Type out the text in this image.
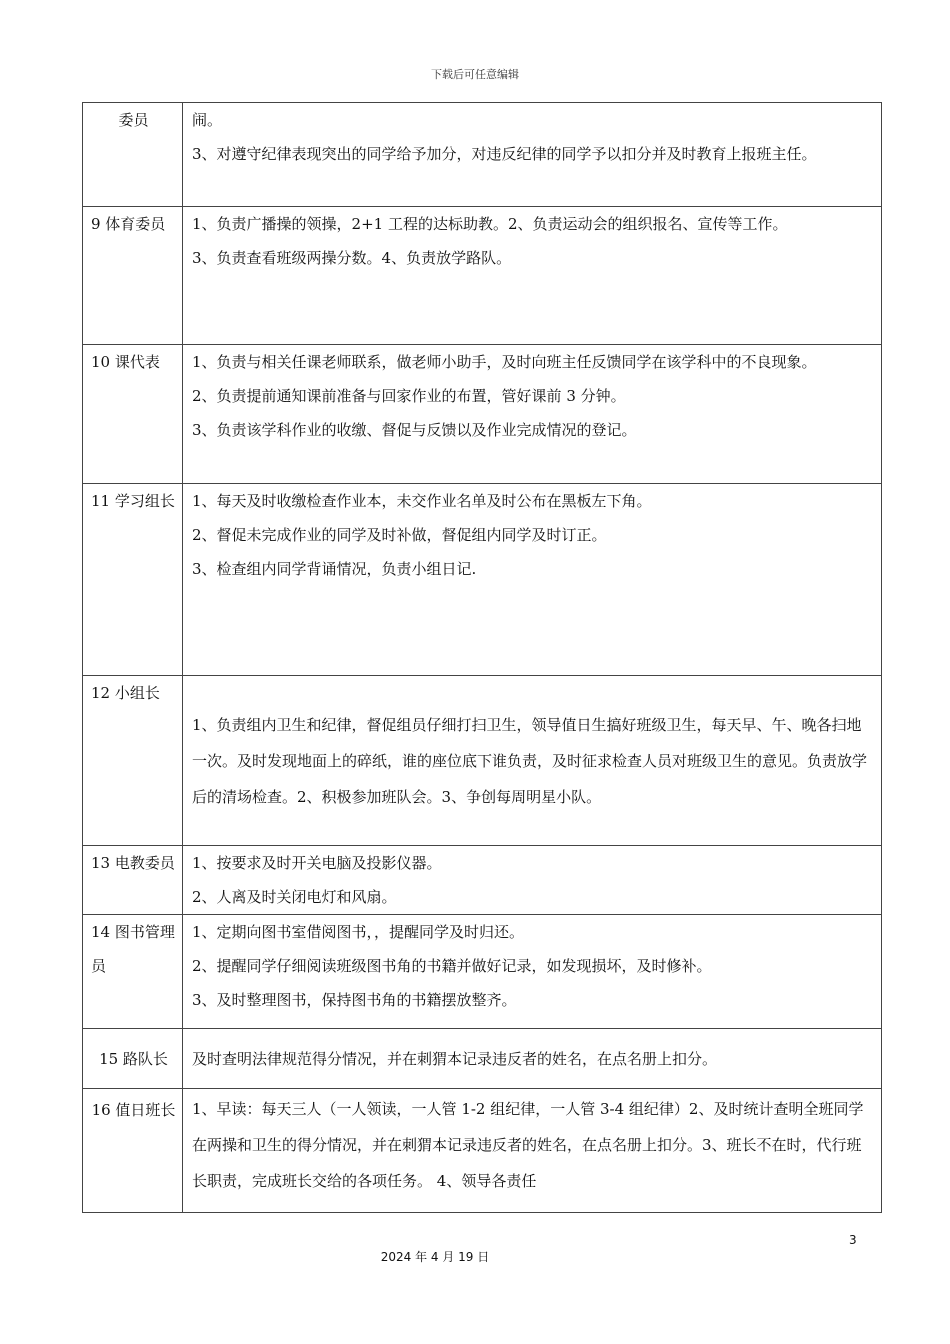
下载后可任意编辑
委员	闹。

3、对遵守纪律表现突出的同学给予加分，对违反纪律的同学予以扣分并及时教育上报班主任。

9 体育委员	1、负责广播操的领操，2+1 工程的达标助教。2、负责运动会的组织报名、宣传等工作。

3、负责查看班级两操分数。4、负责放学路队。

10 课代表	1、负责与相关任课老师联系，做老师小助手，及时向班主任反馈同学在该学科中的不良现象。

2、负责提前通知课前准备与回家作业的布置，管好课前 3 分钟。

3、负责该学科作业的收缴、督促与反馈以及作业完成情况的登记。

11 学习组长	1、每天及时收缴检查作业本，未交作业名单及时公布在黑板左下角。

2、督促未完成作业的同学及时补做，督促组内同学及时订正。

3、检查组内同学背诵情况，负责小组日记.

12 小组长	1、负责组内卫生和纪律，督促组员仔细打扫卫生，领导值日生搞好班级卫生，每天早、午、晚各扫地一次。及时发现地面上的碎纸，谁的座位底下谁负责，及时征求检查人员对班级卫生的意见。负责放学后的清场检查。2、积极参加班队会。3、争创每周明星小队。

13 电教委员	1、按要求及时开关电脑及投影仪器。

2、人离及时关闭电灯和风扇。

14 图书管理员	1、定期向图书室借阅图书，，提醒同学及时归还。

2、提醒同学仔细阅读班级图书角的书籍并做好记录，如发现损坏，及时修补。

3、及时整理图书，保持图书角的书籍摆放整齐。

15 路队长	及时查明法律规范得分情况，并在刺猬本记录违反者的姓名，在点名册上扣分。

16 值日班长	1、早读：每天三人（一人领读，一人管 1-2 组纪律，一人管 3-4 组纪律）2、及时统计查明全班同学在两操和卫生的得分情况，并在刺猬本记录违反者的姓名，在点名册上扣分。3、班长不在时，代行班长职责，完成班长交给的各项任务。 4、领导各责任

3
2024 年 4 月 19 日
